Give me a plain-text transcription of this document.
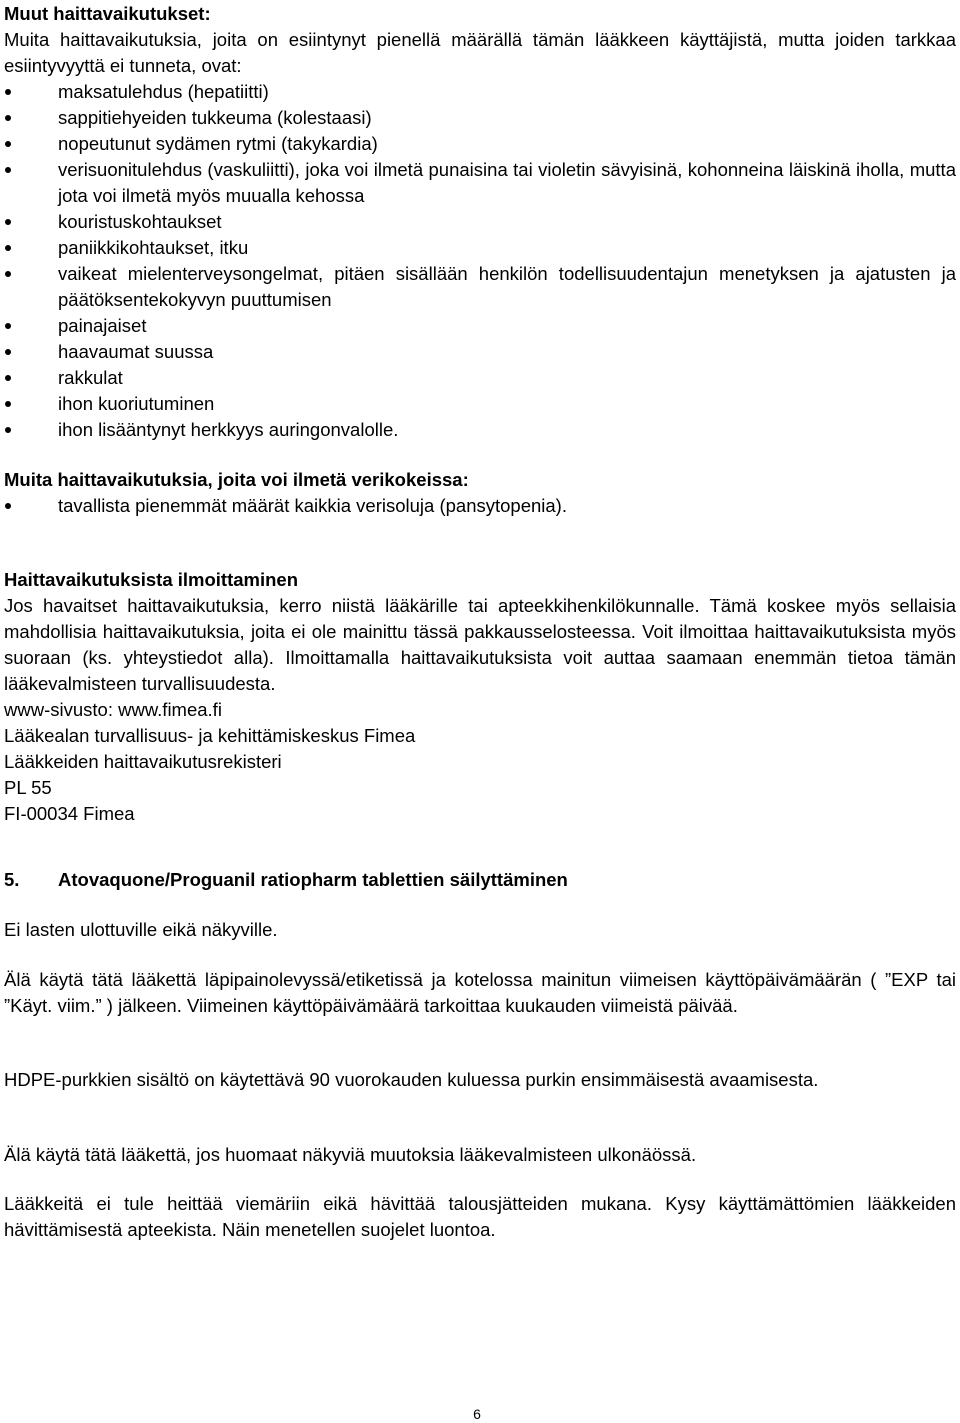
Muut haittavaikutukset:
Muita haittavaikutuksia, joita on esiintynyt pienellä määrällä tämän lääkkeen käyttäjistä, mutta joiden tarkkaa esiintyvyyttä ei tunneta, ovat:
maksatulehdus (hepatiitti)
sappitiehyeiden tukkeuma (kolestaasi)
nopeutunut sydämen rytmi (takykardia)
verisuonitulehdus (vaskuliitti), joka voi ilmetä punaisina tai violetin sävyisinä, kohonneina läiskinä iholla, mutta jota voi ilmetä myös muualla kehossa
kouristuskohtaukset
paniikkikohtaukset, itku
vaikeat mielenterveysongelmat, pitäen sisällään henkilön todellisuudentajun menetyksen ja ajatusten ja päätöksentekokyvyn puuttumisen
painajaiset
haavaumat suussa
rakkulat
ihon kuoriutuminen
ihon lisääntynyt herkkyys auringonvalolle.
Muita haittavaikutuksia, joita voi ilmetä verikokeissa:
tavallista pienemmät määrät kaikkia verisoluja (pansytopenia).
Haittavaikutuksista ilmoittaminen
Jos havaitset haittavaikutuksia, kerro niistä lääkärille tai apteekkihenkilökunnalle. Tämä koskee myös sellaisia mahdollisia haittavaikutuksia, joita ei ole mainittu tässä pakkausselosteessa. Voit ilmoittaa haittavaikutuksista myös suoraan (ks. yhteystiedot alla). Ilmoittamalla haittavaikutuksista voit auttaa saamaan enemmän tietoa tämän lääkevalmisteen turvallisuudesta.
www-sivusto: www.fimea.fi
Lääkealan turvallisuus- ja kehittämiskeskus Fimea
Lääkkeiden haittavaikutusrekisteri
PL 55
FI-00034 Fimea
5. Atovaquone/Proguanil ratiopharm tablettien säilyttäminen
Ei lasten ulottuville eikä näkyville.
Älä käytä tätä lääkettä läpipainolevyssä/etiketissä ja kotelossa mainitun viimeisen käyttöpäivämäärän ( ”EXP tai ”Käyt. viim.” ) jälkeen. Viimeinen käyttöpäivämäärä tarkoittaa kuukauden viimeistä päivää.
HDPE-purkkien sisältö on käytettävä 90 vuorokauden kuluessa purkin ensimmäisestä avaamisesta.
Älä käytä tätä lääkettä, jos huomaat näkyviä muutoksia lääkevalmisteen ulkonäössä.
Lääkkeitä ei tule heittää viemäriin eikä hävittää talousjätteiden mukana. Kysy käyttämättömien lääkkeiden hävittämisestä apteekista. Näin menetellen suojelet luontoa.
6
